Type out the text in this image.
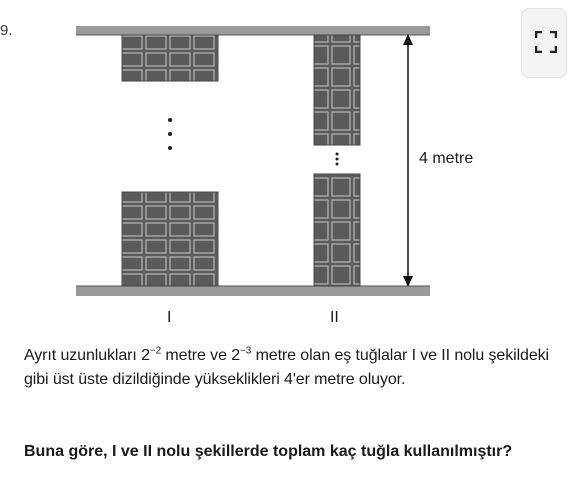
9.
4 metre
I	II

Ayrıt uzunlukları $2^{-2}$ metre ve $2^{-3}$ metre olan eş tuğlalar I ve II nolu şekildeki gibi üst üste dizildiğinde yükseklikleri 4'er metre oluyor.

Buna göre, I ve II nolu şekillerde toplam kaç tuğla kullanılmıştır?
